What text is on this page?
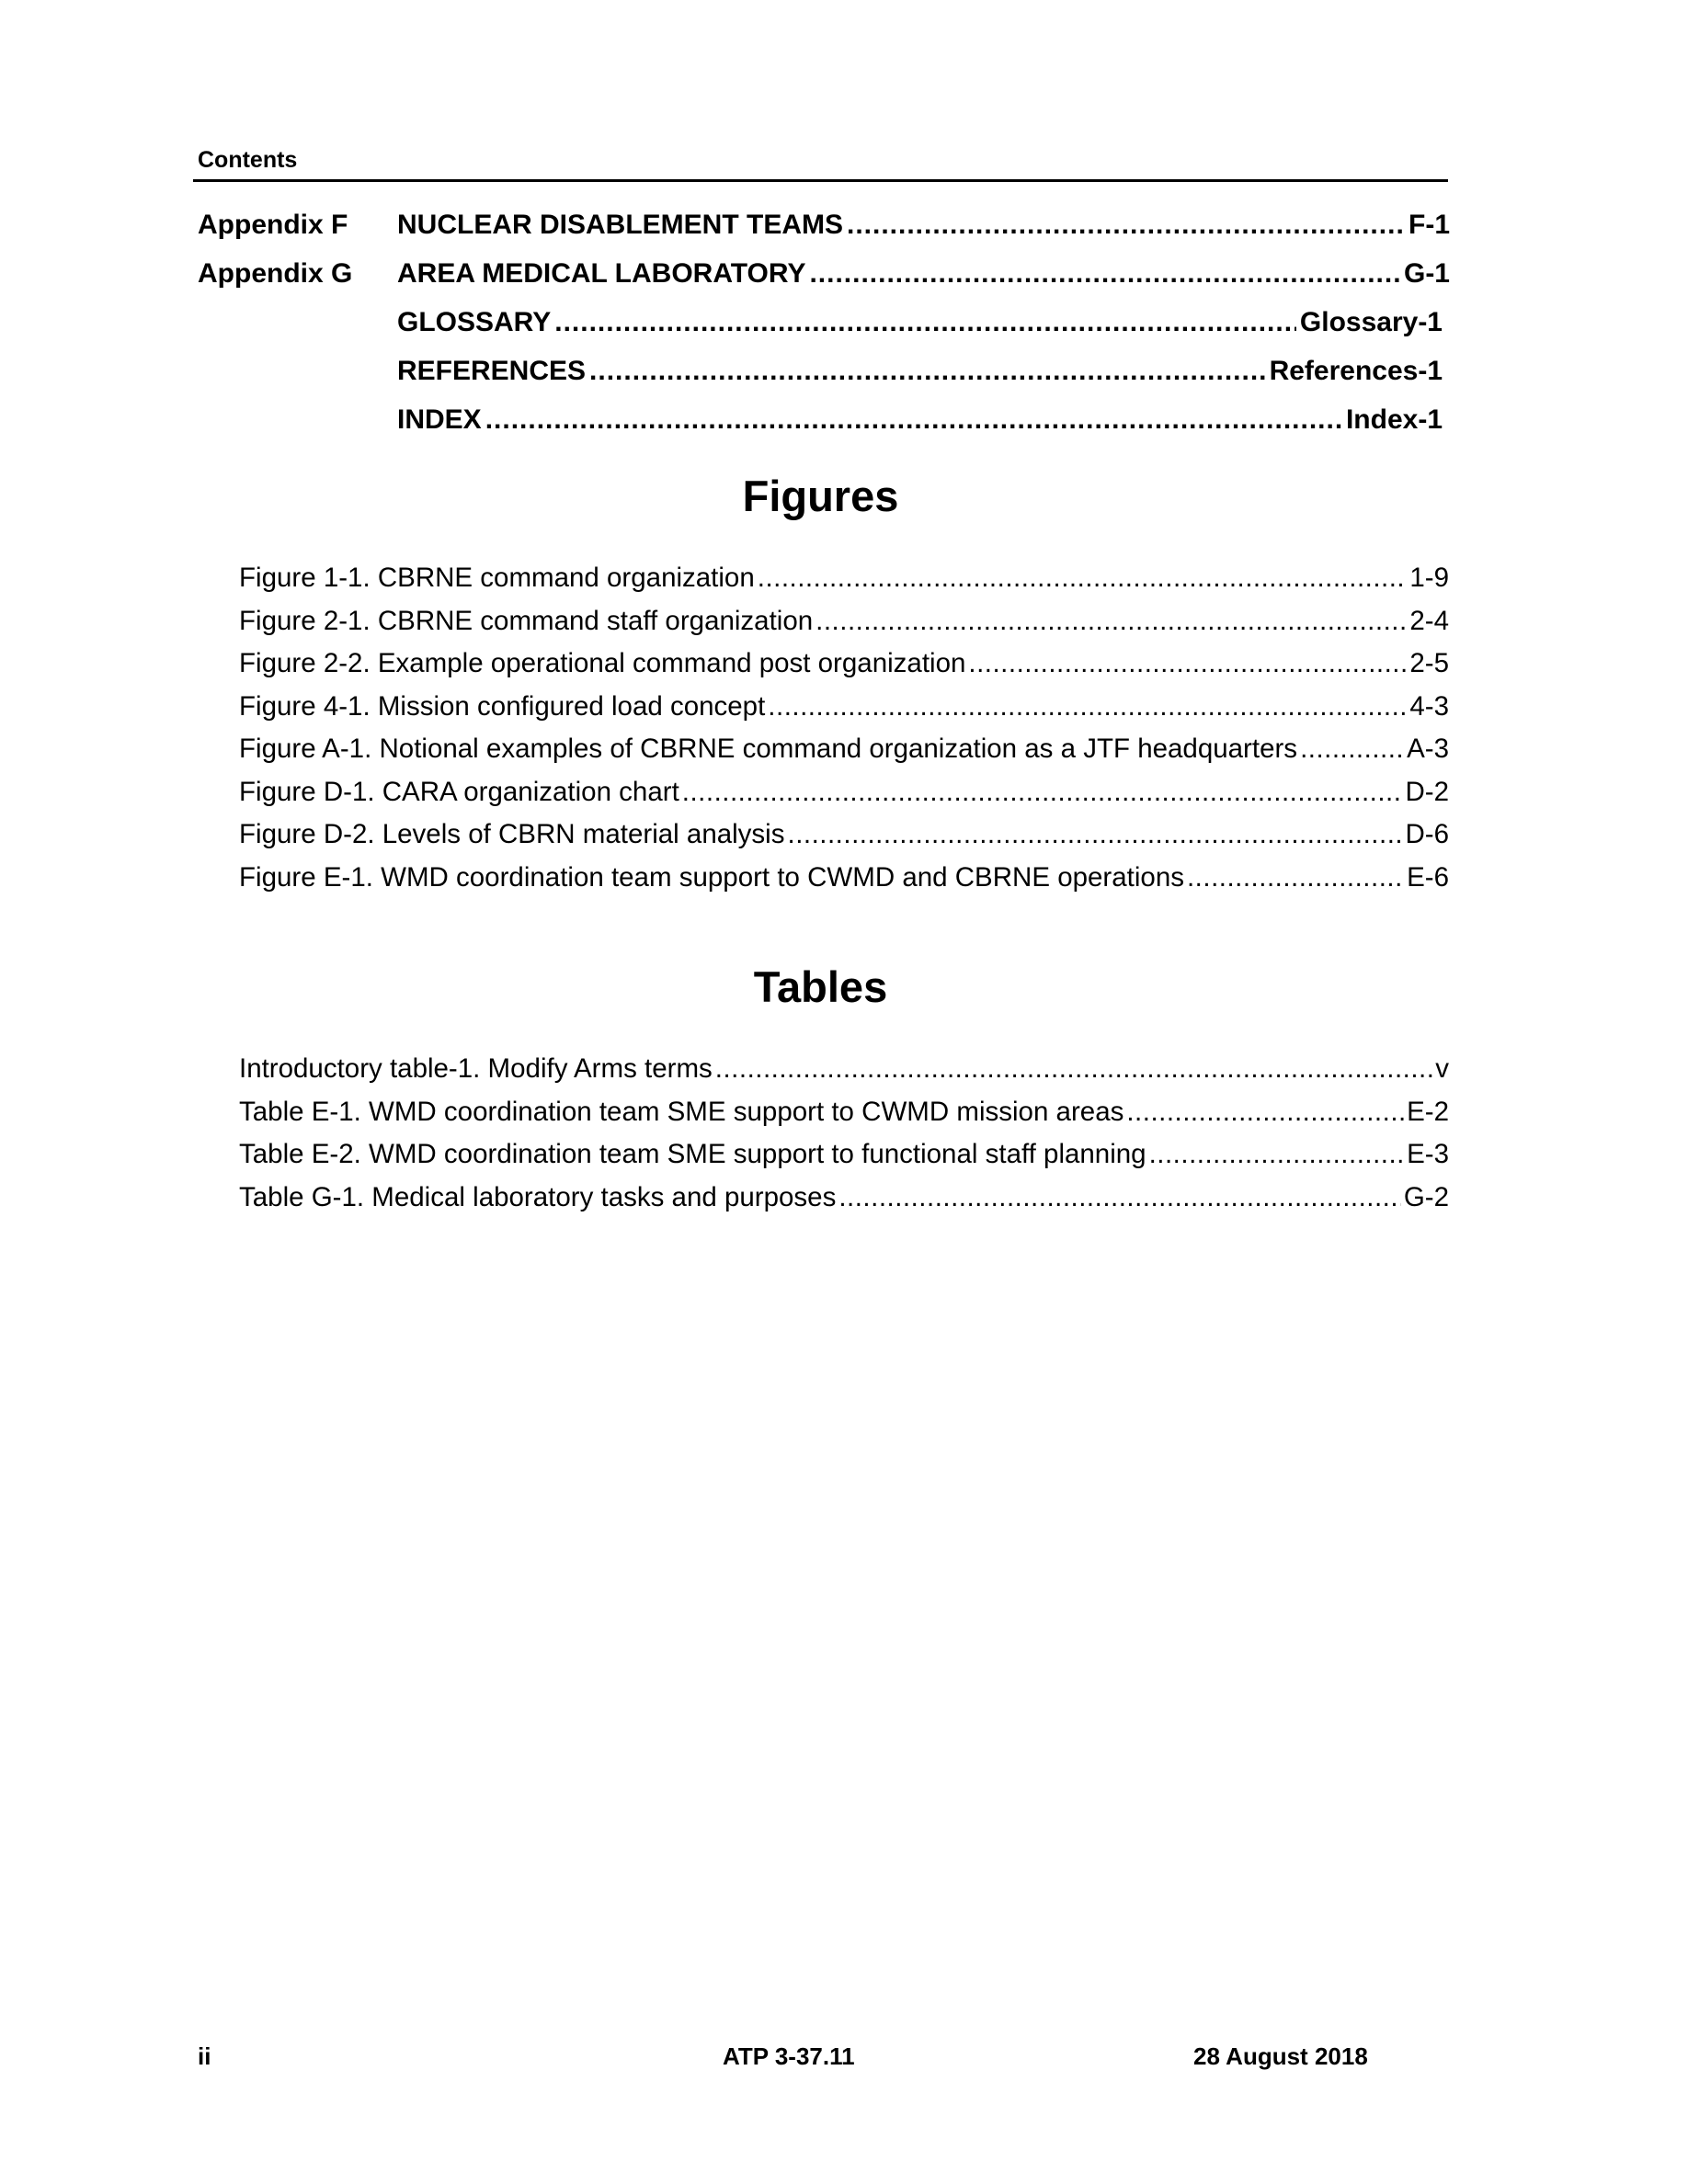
Contents
Appendix F	NUCLEAR DISABLEMENT TEAMS .....	F-1
Appendix G	AREA MEDICAL LABORATORY .....	G-1
GLOSSARY .....	Glossary-1
REFERENCES .....	References-1
INDEX .....	Index-1
Figures
Figure 1-1. CBRNE command organization .....	1-9
Figure 2-1. CBRNE command staff organization .....	2-4
Figure 2-2. Example operational command post organization .....	2-5
Figure 4-1. Mission configured load concept .....	4-3
Figure A-1. Notional examples of CBRNE command organization as a JTF headquarters .....	A-3
Figure D-1. CARA organization chart .....	D-2
Figure D-2. Levels of CBRN material analysis .....	D-6
Figure E-1. WMD coordination team support to CWMD and CBRNE operations .....	E-6
Tables
Introductory table-1. Modify Arms terms .....	v
Table E-1. WMD coordination team SME support to CWMD mission areas .....	E-2
Table E-2. WMD coordination team SME support to functional staff planning .....	E-3
Table G-1. Medical laboratory tasks and purposes .....	G-2
ii	ATP 3-37.11	28 August 2018
